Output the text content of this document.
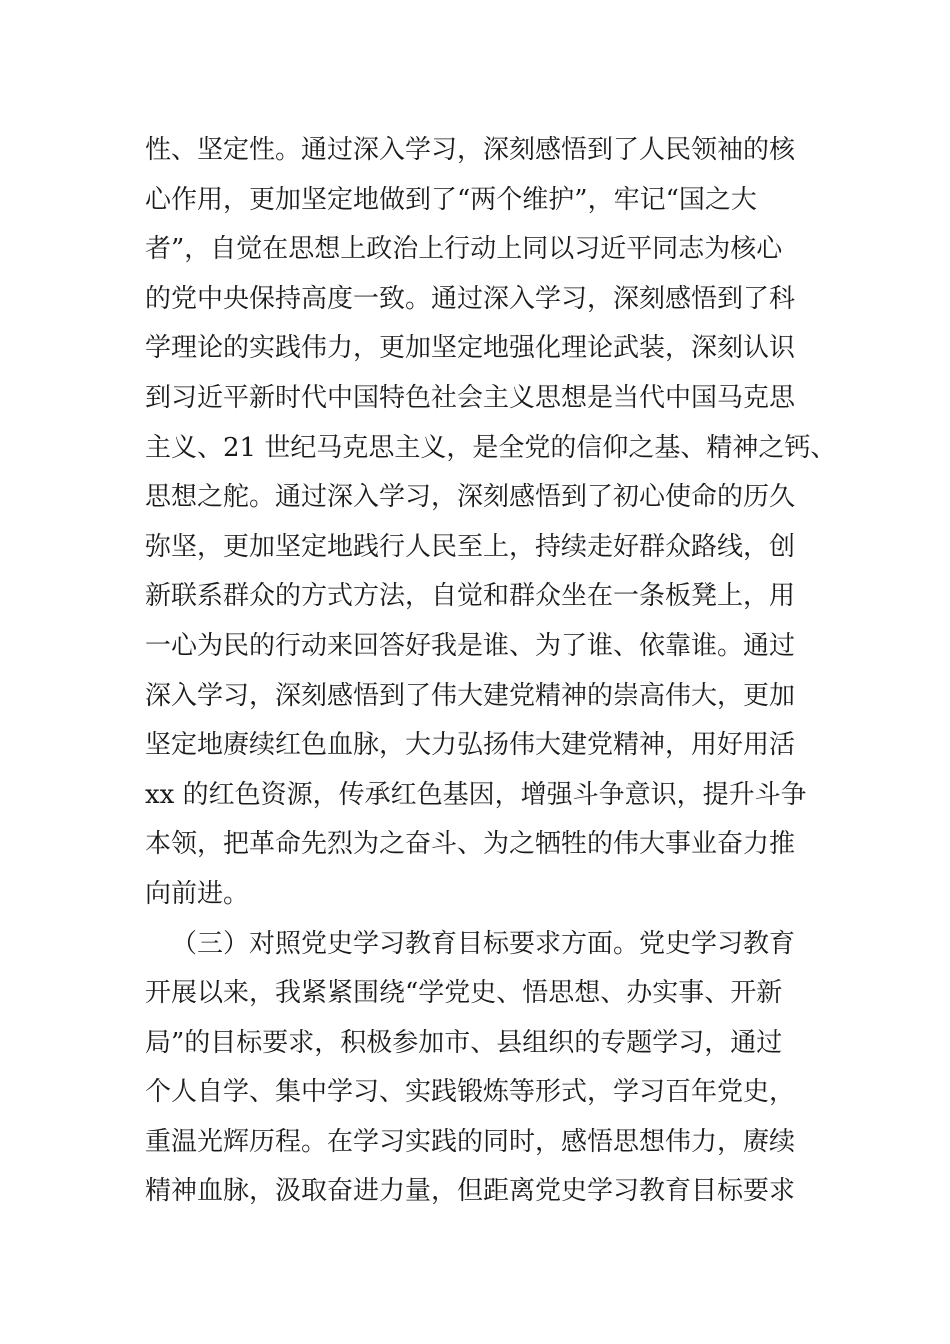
性、坚定性。通过深入学习，深刻感悟到了人民领袖的核
心作用，更加坚定地做到了“两个维护”，牢记“国之大
者”，自觉在思想上政治上行动上同以习近平同志为核心
的党中央保持高度一致。通过深入学习，深刻感悟到了科
学理论的实践伟力，更加坚定地强化理论武装，深刻认识
到习近平新时代中国特色社会主义思想是当代中国马克思
主义、21 世纪马克思主义，是全党的信仰之基、精神之钙、
思想之舵。通过深入学习，深刻感悟到了初心使命的历久
弥坚，更加坚定地践行人民至上，持续走好群众路线，创
新联系群众的方式方法，自觉和群众坐在一条板凳上，用
一心为民的行动来回答好我是谁、为了谁、依靠谁。通过
深入学习，深刻感悟到了伟大建党精神的崇高伟大，更加
坚定地赓续红色血脉，大力弘扬伟大建党精神，用好用活
xx 的红色资源，传承红色基因，增强斗争意识，提升斗争
本领，把革命先烈为之奋斗、为之牺牲的伟大事业奋力推
向前进。
（三）对照党史学习教育目标要求方面。党史学习教育
开展以来，我紧紧围绕“学党史、悟思想、办实事、开新
局”的目标要求，积极参加市、县组织的专题学习，通过
个人自学、集中学习、实践锻炼等形式，学习百年党史，
重温光辉历程。在学习实践的同时，感悟思想伟力，赓续
精神血脉，汲取奋进力量，但距离党史学习教育目标要求
